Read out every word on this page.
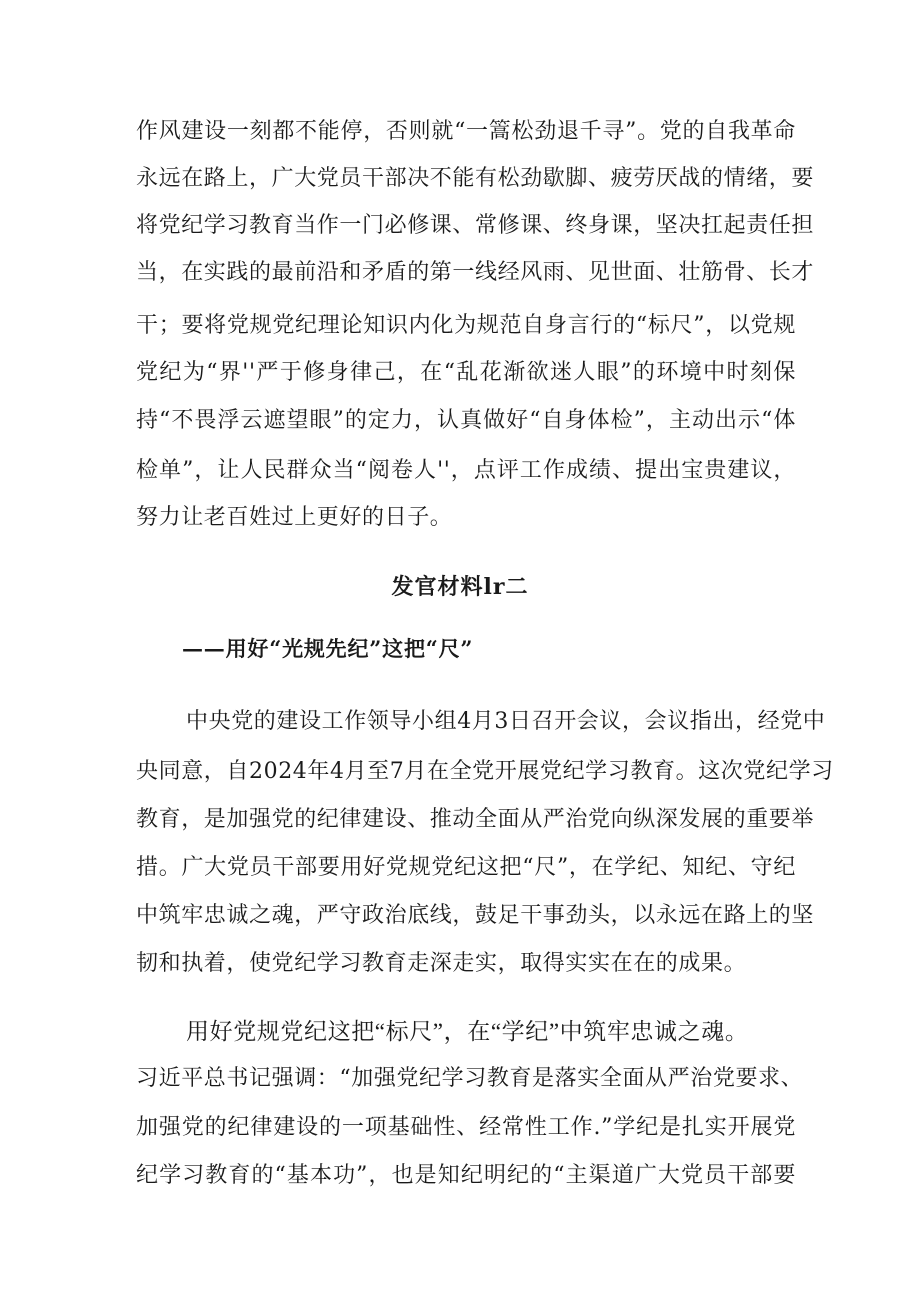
作风建设一刻都不能停，否则就“一篙松劲退千寻”。党的自我革命
永远在路上，广大党员干部决不能有松劲歇脚、疲劳厌战的情绪，要
将党纪学习教育当作一门必修课、常修课、终身课，坚决扛起责任担
当，在实践的最前沿和矛盾的第一线经风雨、见世面、壮筋骨、长才
干；要将党规党纪理论知识内化为规范自身言行的“标尺”，以党规
党纪为“界''严于修身律己，在“乱花渐欲迷人眼”的环境中时刻保
持“不畏浮云遮望眼”的定力，认真做好“自身体检”，主动出示“体
检单”，让人民群众当“阅卷人''，点评工作成绩、提出宝贵建议，
努力让老百姓过上更好的日子。
发官材料lr二
——用好“光规先纪”这把“尺”
中央党的建设工作领导小组4月3日召开会议，会议指出，经党中
央同意，自2024年4月至7月在全党开展党纪学习教育。这次党纪学习
教育，是加强党的纪律建设、推动全面从严治党向纵深发展的重要举
措。广大党员干部要用好党规党纪这把“尺”，在学纪、知纪、守纪
中筑牢忠诚之魂，严守政治底线，鼓足干事劲头，以永远在路上的坚
韧和执着，使党纪学习教育走深走实，取得实实在在的成果。
用好党规党纪这把“标尺”，在“学纪”中筑牢忠诚之魂。
习近平总书记强调：“加强党纪学习教育是落实全面从严治党要求、
加强党的纪律建设的一项基础性、经常性工作.”学纪是扎实开展党
纪学习教育的“基本功”，也是知纪明纪的“主渠道广大党员干部要
